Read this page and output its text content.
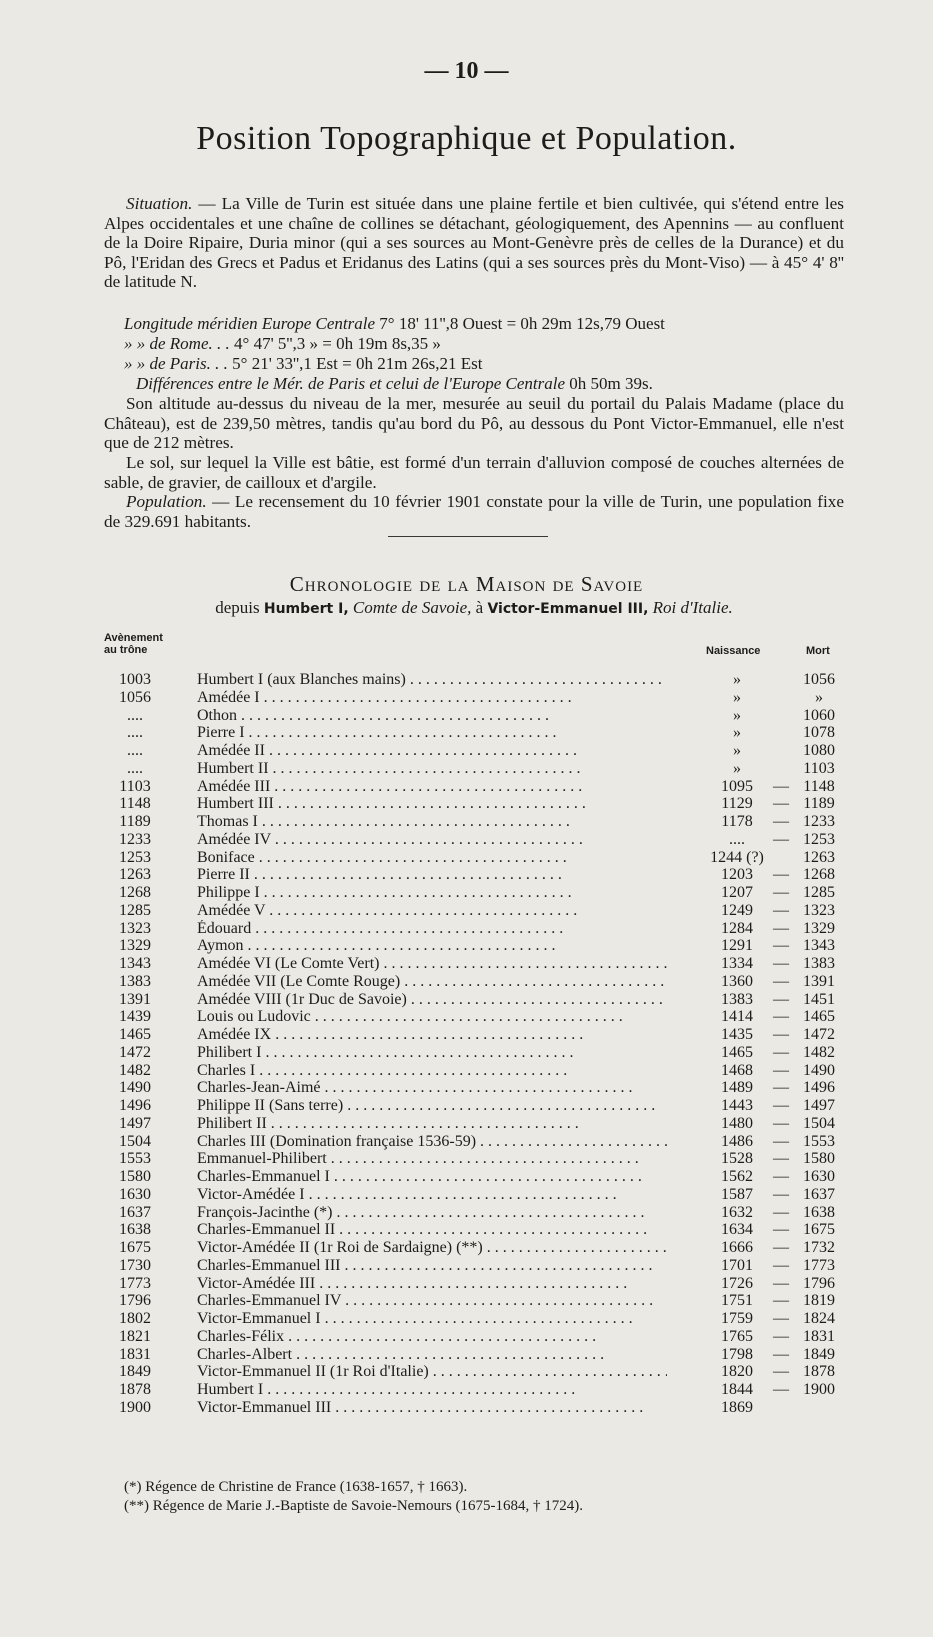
— 10 —
Position Topographique et Population.
Situation. — La Ville de Turin est située dans une plaine fertile et bien cultivée, qui s'étend entre les Alpes occidentales et une chaîne de collines se détachant, géologiquement, des Apennins — au confluent de la Doire Ripaire, Duria minor (qui a ses sources au Mont-Genèvre près de celles de la Durance) et du Pô, l'Eridan des Grecs et Padus et Eridanus des Latins (qui a ses sources près du Mont-Viso) — à 45° 4' 8'' de latitude N.
Longitude méridien Europe Centrale 7° 18' 11'',8 Ouest = 0h 29m 12s,79 Ouest
» » de Rome. . . 4° 47' 5'',3 » = 0h 19m 8s,35 »
» » de Paris. . . 5° 21' 33'',1 Est = 0h 21m 26s,21 Est
Différences entre le Mér. de Paris et celui de l'Europe Centrale 0h 50m 39s.
Son altitude au-dessus du niveau de la mer, mesurée au seuil du portail du Palais Madame (place du Château), est de 239,50 mètres, tandis qu'au bord du Pô, au dessous du Pont Victor-Emmanuel, elle n'est que de 212 mètres.
Le sol, sur lequel la Ville est bâtie, est formé d'un terrain d'alluvion composé de couches alternées de sable, de gravier, de cailloux et d'argile.
Population. — Le recensement du 10 février 1901 constate pour la ville de Turin, une population fixe de 329.691 habitants.
Chronologie de la Maison de Savoie
depuis Humbert I, Comte de Savoie, à Victor-Emmanuel III, Roi d'Italie.
Avènement
au trône	Naissance	Mort
1003	Humbert I (aux Blanches mains) . .	»	1056
1056	Amédée I . .	»	»
....	Othon . .	»	1060
....	Pierre I . .	»	1078
....	Amédée II . .	»	1080
....	Humbert II . .	»	1103
1103	Amédée III . .	1095	— 1148
1148	Humbert III . .	1129	— 1189
1189	Thomas I . .	1178	— 1233
1233	Amédée IV . .	....	— 1253
1253	Boniface . .	1244 (?)	1263
1263	Pierre II . .	1203	— 1268
1268	Philippe I . .	1207	— 1285
1285	Amédée V . .	1249	— 1323
1323	Édouard . .	1284	— 1329
1329	Aymon . .	1291	— 1343
1343	Amédée VI (Le Comte Vert) . .	1334	— 1383
1383	Amédée VII (Le Comte Rouge) . .	1360	— 1391
1391	Amédée VIII (1r Duc de Savoie) . .	1383	— 1451
1439	Louis ou Ludovic . .	1414	— 1465
1465	Amédée IX . .	1435	— 1472
1472	Philibert I . .	1465	— 1482
1482	Charles I . .	1468	— 1490
1490	Charles-Jean-Aimé . .	1489	— 1496
1496	Philippe II (Sans terre) . .	1443	— 1497
1497	Philibert II . .	1480	— 1504
1504	Charles III (Domination française 1536-59) . .	1486	— 1553
1553	Emmanuel-Philibert . .	1528	— 1580
1580	Charles-Emmanuel I . .	1562	— 1630
1630	Victor-Amédée I . .	1587	— 1637
1637	François-Jacinthe (*) . .	1632	— 1638
1638	Charles-Emmanuel II . .	1634	— 1675
1675	Victor-Amédée II (1r Roi de Sardaigne) (**) . .	1666	— 1732
1730	Charles-Emmanuel III . .	1701	— 1773
1773	Victor-Amédée III . .	1726	— 1796
1796	Charles-Emmanuel IV . .	1751	— 1819
1802	Victor-Emmanuel I . .	1759	— 1824
1821	Charles-Félix . .	1765	— 1831
1831	Charles-Albert . .	1798	— 1849
1849	Victor-Emmanuel II (1r Roi d'Italie) . .	1820	— 1878
1878	Humbert I . .	1844	— 1900
1900	Victor-Emmanuel III . .	1869
(*) Régence de Christine de France (1638-1657, † 1663).
(**) Régence de Marie J.-Baptiste de Savoie-Nemours (1675-1684, † 1724).
